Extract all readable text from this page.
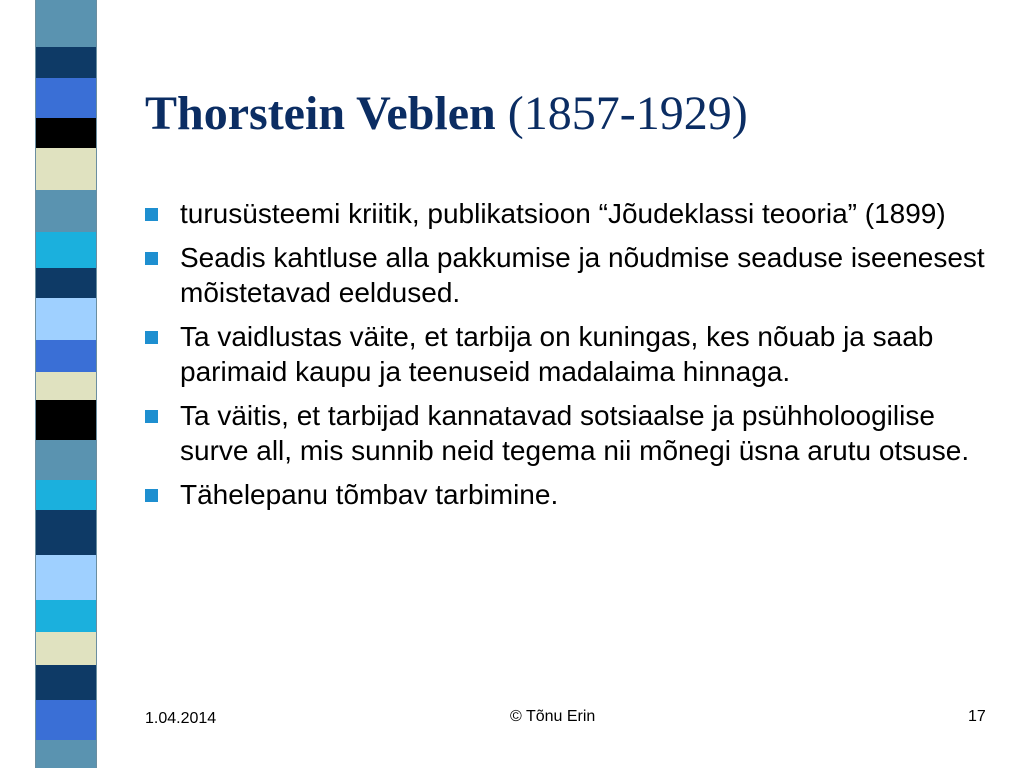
Thorstein Veblen (1857-1929)
turusüsteemi kriitik, publikatsioon “Jõudeklassi teooria” (1899)
Seadis kahtluse alla pakkumise ja nõudmise seaduse iseenesest mõistetavad eeldused.
Ta vaidlustas väite, et tarbija on kuningas, kes nõuab ja saab parimaid kaupu ja teenuseid madalaima hinnaga.
Ta väitis, et tarbijad kannatavad sotsiaalse ja psühholoogilise surve all, mis sunnib neid tegema nii mõnegi üsna arutu otsuse.
Tähelepanu tõmbav tarbimine.
1.04.2014	© Tõnu Erin	17
